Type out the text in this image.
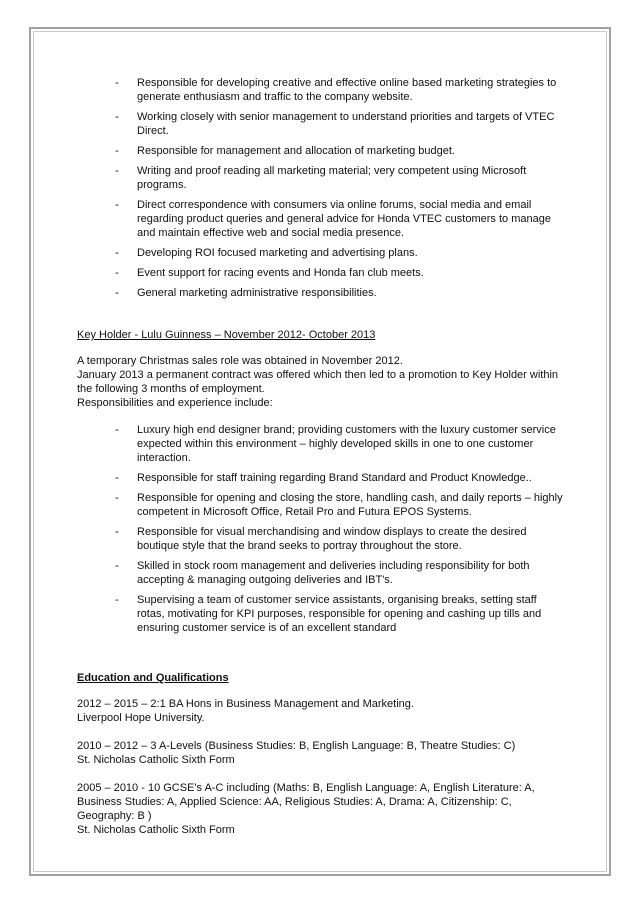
- Responsible for developing creative and effective online based marketing strategies to generate enthusiasm and traffic to the company website.
- Working closely with senior management to understand priorities and targets of VTEC Direct.
- Responsible for management and allocation of marketing budget.
- Writing and proof reading all marketing material; very competent using Microsoft programs.
- Direct correspondence with consumers via online forums, social media and email regarding product queries and general advice for Honda VTEC customers to manage and maintain effective web and social media presence.
- Developing ROI focused marketing and advertising plans.
- Event support for racing events and Honda fan club meets.
- General marketing administrative responsibilities.

Key Holder - Lulu Guinness – November 2012- October 2013

A temporary Christmas sales role was obtained in November 2012.

January 2013 a permanent contract was offered which then led to a promotion to Key Holder within the following 3 months of employment.

Responsibilities and experience include:

- Luxury high end designer brand; providing customers with the luxury customer service expected within this environment – highly developed skills in one to one customer interaction.
- Responsible for staff training regarding Brand Standard and Product Knowledge..
- Responsible for opening and closing the store, handling cash, and daily reports – highly competent in Microsoft Office, Retail Pro and Futura EPOS Systems.
- Responsible for visual merchandising and window displays to create the desired boutique style that the brand seeks to portray throughout the store.
- Skilled in stock room management and deliveries including responsibility for both accepting & managing outgoing deliveries and IBT's.
- Supervising a team of customer service assistants, organising breaks, setting staff rotas, motivating for KPI purposes, responsible for opening and cashing up tills and ensuring customer service is of an excellent standard

Education and Qualifications

2012 – 2015 – 2:1 BA Hons in Business Management and Marketing.

Liverpool Hope University.

2010 – 2012 – 3 A-Levels (Business Studies: B, English Language: B, Theatre Studies: C)

St. Nicholas Catholic Sixth Form

2005 – 2010 - 10 GCSE's A-C including (Maths: B, English Language: A, English Literature: A, Business Studies: A, Applied Science: AA, Religious Studies: A, Drama: A, Citizenship: C, Geography: B )

St. Nicholas Catholic Sixth Form
